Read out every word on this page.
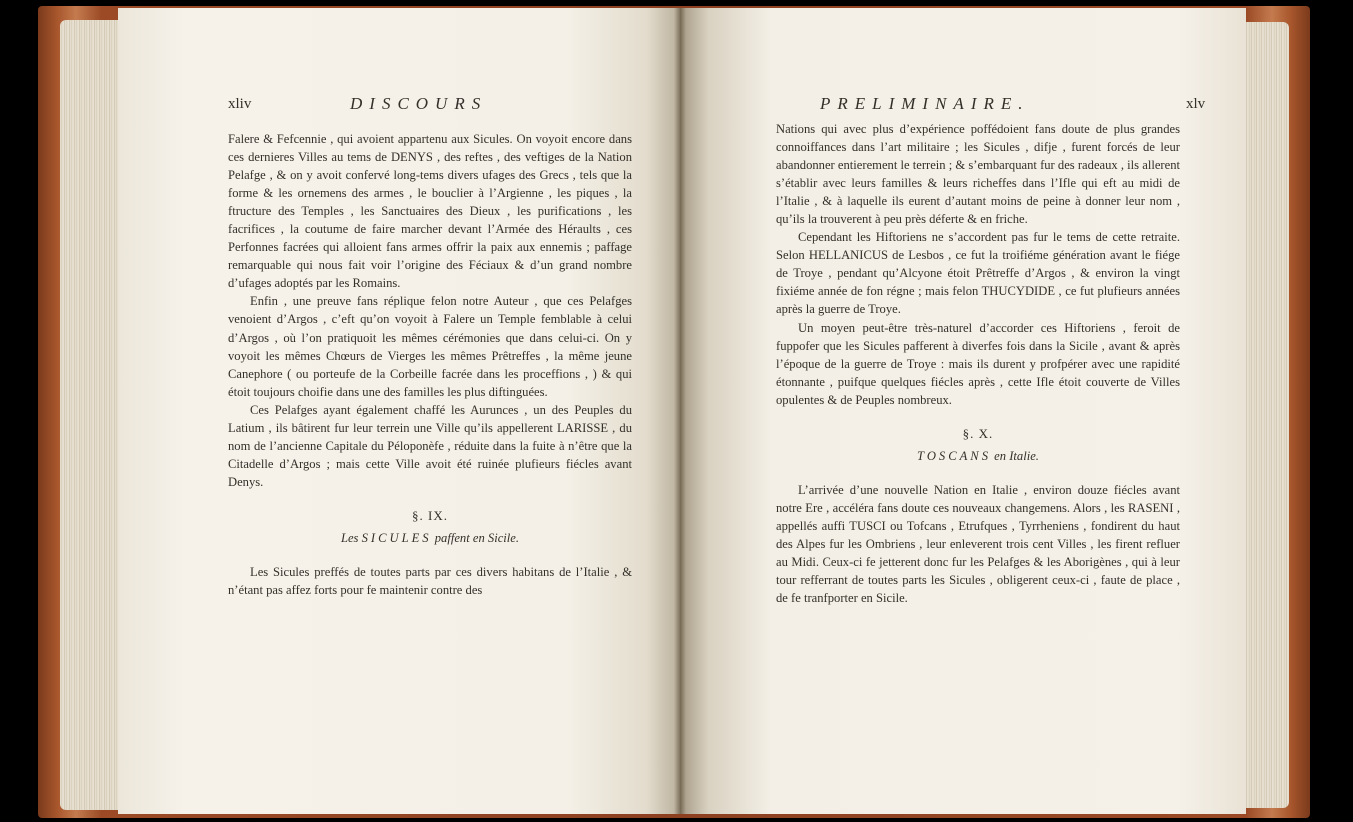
xliv	DISCOURS

Falere & Fefcennie , qui avoient appartenu aux Sicules. On voyoit encore dans ces dernieres Villes au tems de DENYS , des reftes , des veftiges de la Nation Pelafge , & on y avoit confervé long-tems divers ufages des Grecs , tels que la forme & les ornemens des armes , le bouclier à l’Argienne , les piques , la ftructure des Temples , les Sanctuaires des Dieux , les purifications , les facrifices , la coutume de faire marcher devant l’Armée des Héraults , ces Perfonnes facrées qui alloient fans armes offrir la paix aux ennemis ; paffage remarquable qui nous fait voir l’origine des Féciaux & d’un grand nombre d’ufages adoptés par les Romains.

Enfin , une preuve fans réplique felon notre Auteur , que ces Pelafges venoient d’Argos , c’eft qu’on voyoit à Falere un Temple femblable à celui d’Argos , où l’on pratiquoit les mêmes cérémonies que dans celui-ci. On y voyoit les mêmes Chœurs de Vierges les mêmes Prêtreffes , la même jeune Canephore ( ou porteufe de la Corbeille facrée dans les proceffions , ) & qui étoit toujours choifie dans une des familles les plus diftinguées.

Ces Pelafges ayant également chaffé les Aurunces , un des Peuples du Latium , ils bâtirent fur leur terrein une Ville qu’ils appellerent LARISSE , du nom de l’ancienne Capitale du Péloponèfe , réduite dans la fuite à n’être que la Citadelle d’Argos ; mais cette Ville avoit été ruinée plufieurs fiécles avant Denys.

§. IX.
Les SICULES paffent en Sicile.

Les Sicules preffés de toutes parts par ces divers habitans de l’Italie , & n’étant pas affez forts pour fe maintenir contre des

PRELIMINAIRE.	xlv

Nations qui avec plus d’expérience poffédoient fans doute de plus grandes connoiffances dans l’art militaire ; les Sicules , difje , furent forcés de leur abandonner entierement le terrein ; & s’embarquant fur des radeaux , ils allerent s’établir avec leurs familles & leurs richeffes dans l’Ifle qui eft au midi de l’Italie , & à laquelle ils eurent d’autant moins de peine à donner leur nom , qu’ils la trouverent à peu près déferte & en friche.

Cependant les Hiftoriens ne s’accordent pas fur le tems de cette retraite. Selon HELLANICUS de Lesbos , ce fut la troifiéme génération avant le fiége de Troye , pendant qu’Alcyone étoit Prêtreffe d’Argos , & environ la vingt fixiéme année de fon régne ; mais felon THUCYDIDE , ce fut plufieurs années après la guerre de Troye.

Un moyen peut-être très-naturel d’accorder ces Hiftoriens , feroit de fuppofer que les Sicules pafferent à diverfes fois dans la Sicile , avant & après l’époque de la guerre de Troye : mais ils durent y profpérer avec une rapidité étonnante , puifque quelques fiécles après , cette Ifle étoit couverte de Villes opulentes & de Peuples nombreux.

§. X.
TOSCANS en Italie.

L’arrivée d’une nouvelle Nation en Italie , environ douze fiécles avant notre Ere , accéléra fans doute ces nouveaux changemens. Alors , les RASENI , appellés auffi TUSCI ou Tofcans , Etrufques , Tyrrheniens , fondirent du haut des Alpes fur les Ombriens , leur enleverent trois cent Villes , les firent refluer au Midi. Ceux-ci fe jetterent donc fur les Pelafges & les Aborigènes , qui à leur tour refferrant de toutes parts les Sicules , obligerent ceux-ci , faute de place , de fe tranfporter en Sicile.
